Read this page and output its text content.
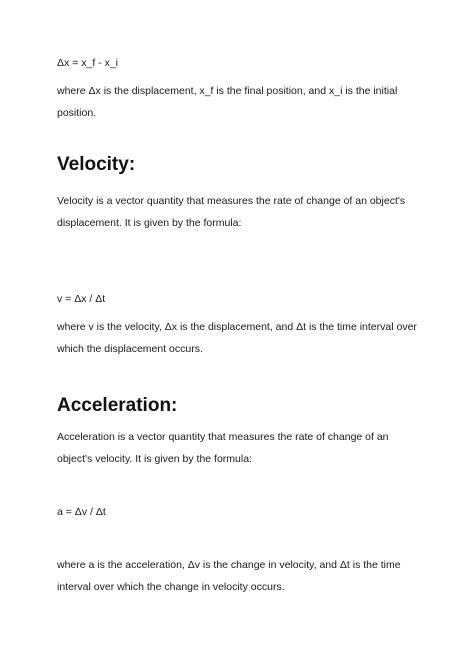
Δx = x_f - x_i
where Δx is the displacement, x_f is the final position, and x_i is the initial position.
Velocity:
Velocity is a vector quantity that measures the rate of change of an object's displacement. It is given by the formula:
v = Δx / Δt
where v is the velocity, Δx is the displacement, and Δt is the time interval over which the displacement occurs.
Acceleration:
Acceleration is a vector quantity that measures the rate of change of an object's velocity. It is given by the formula:
a = Δv / Δt
where a is the acceleration, Δv is the change in velocity, and Δt is the time interval over which the change in velocity occurs.
